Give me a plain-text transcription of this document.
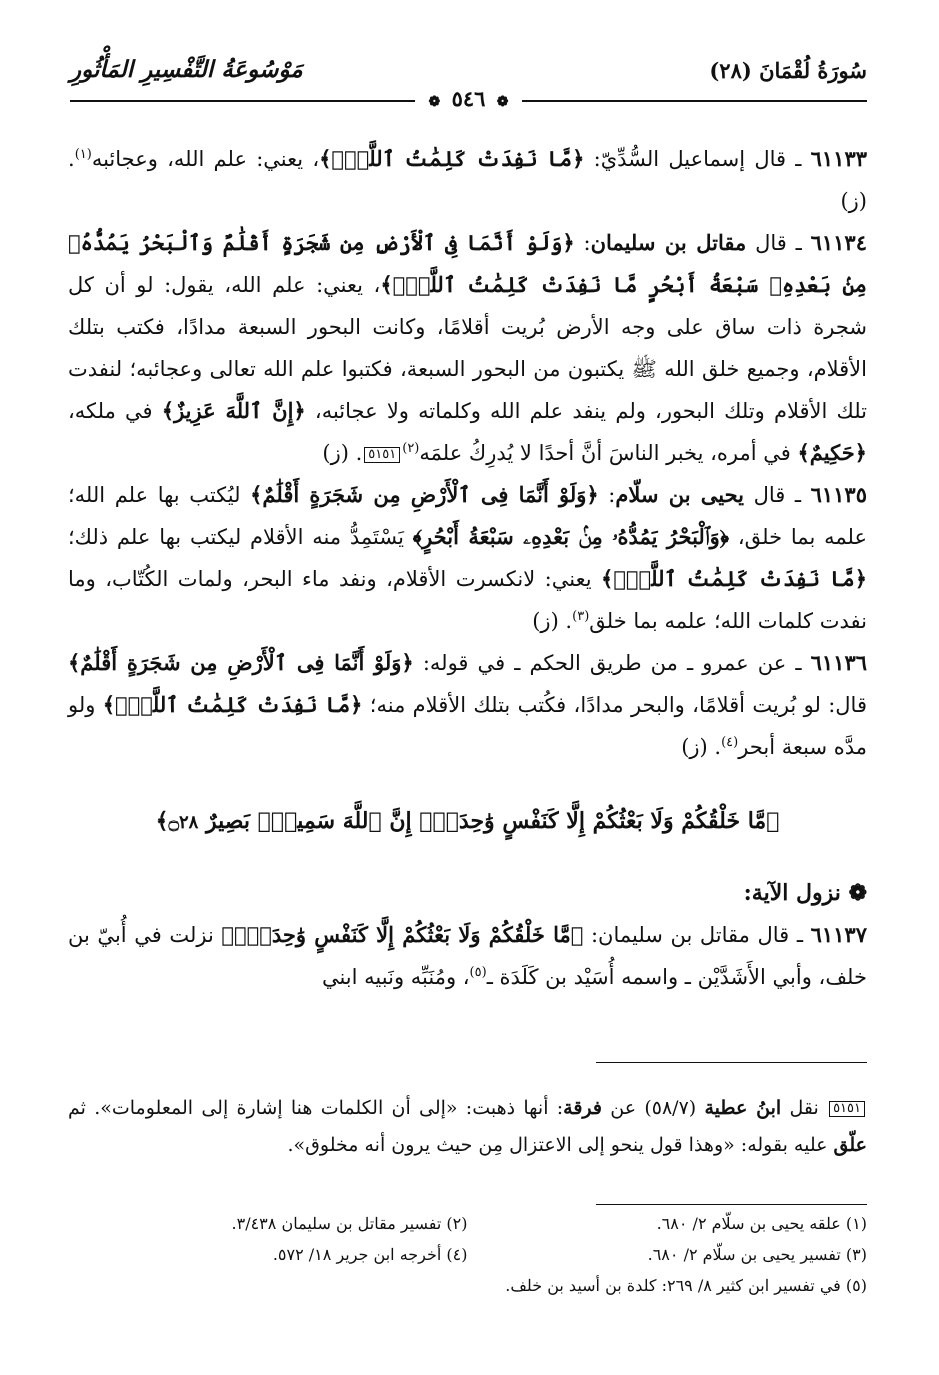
سُورَةُ لُقْمَانَ (٢٨)
مَوْسُوعَةُ التَّفْسِيرِ المَأْثُورِ
❁ ٥٤٦ ❁

٦١١٣٣ ـ قال إسماعيل السُّدِّيّ: ﴿مَّا نَفِدَتْ كَلِمَٰتُ ٱللَّهِۗ﴾، يعني: علم الله، وعجائبه$^{(١)}$. (ز)

٦١١٣٤ ـ قال مقاتل بن سليمان: ﴿وَلَوْ أَنَّمَا فِى ٱلْأَرْضِ مِن شَجَرَةٍ أَقْلَٰمٌ وَٱلْبَحْرُ يَمُدُّهُۥ مِنۢ بَعْدِهِۦ سَبْعَةُ أَبْحُرٍ مَّا نَفِدَتْ كَلِمَٰتُ ٱللَّهِۗ﴾، يعني: علم الله، يقول: لو أن كل شجرة ذات ساق على وجه الأرض بُريت أقلامًا، وكانت البحور السبعة مدادًا، فكتب بتلك الأقلام، وجميع خلق الله ﷺ يكتبون من البحور السبعة، فكتبوا علم الله تعالى وعجائبه؛ لنفدت تلك الأقلام وتلك البحور، ولم ينفد علم الله وكلماته ولا عجائبه، ﴿إِنَّ ٱللَّهَ عَزِيزٌ﴾ في ملكه، ﴿حَكِيمٌ﴾ في أمره، يخبر الناسَ أنَّ أحدًا لا يُدرِكُ علمَه$^{(٢)}$٥١٥١. (ز)

٦١١٣٥ ـ قال يحيى بن سلّام: ﴿وَلَوْ أَنَّمَا فِى ٱلْأَرْضِ مِن شَجَرَةٍ أَقْلَٰمٌ﴾ ليُكتب بها علم الله؛ علمه بما خلق، ﴿وَٱلْبَحْرُ يَمُدُّهُۥ مِنۢ بَعْدِهِۦ سَبْعَةُ أَبْحُرٍ﴾ يَسْتَمِدُّ منه الأقلام ليكتب بها علم ذلك؛ ﴿مَّا نَفِدَتْ كَلِمَٰتُ ٱللَّهِۗ﴾ يعني: لانكسرت الأقلام، ونفد ماء البحر، ولمات الكُتّاب، وما نفدت كلمات الله؛ علمه بما خلق$^{(٣)}$. (ز)

٦١١٣٦ ـ عن عمرو ـ من طريق الحكم ـ في قوله: ﴿وَلَوْ أَنَّمَا فِى ٱلْأَرْضِ مِن شَجَرَةٍ أَقْلَٰمٌ﴾ قال: لو بُريت أقلامًا، والبحر مدادًا، فكُتب بتلك الأقلام منه؛ ﴿مَّا نَفِدَتْ كَلِمَٰتُ ٱللَّهِۗ﴾ ولو مدَّه سبعة أبحر$^{(٤)}$. (ز)

﴿مَّا خَلْقُكُمْ وَلَا بَعْثُكُمْ إِلَّا كَنَفْسٍ وَٰحِدَةٍۗ إِنَّ ٱللَّهَ سَمِيعٌۢ بَصِيرٌ ۝٢٨﴾
❁ نزول الآية:

٦١١٣٧ ـ قال مقاتل بن سليمان: ﴿مَّا خَلْقُكُمْ وَلَا بَعْثُكُمْ إِلَّا كَنَفْسٍ وَٰحِدَةٍۗ﴾ نزلت في أُبيّ بن خلف، وأبي الأَشَدَّيْن ـ واسمه أُسَيْد بن كَلَدَة ـ$^{(٥)}$، ومُنَبِّه ونَبيه ابني

٥١٥١ نقل ابنُ عطية (٥٨/٧) عن فرقة: أنها ذهبت: «إلى أن الكلمات هنا إشارة إلى المعلومات». ثم علّق عليه بقوله: «وهذا قول ينحو إلى الاعتزال مِن حيث يرون أنه مخلوق».

(١) علقه يحيى بن سلّام ٢/ ٦٨٠.
(٢) تفسير مقاتل بن سليمان ٣/٤٣٨.
(٣) تفسير يحيى بن سلّام ٢/ ٦٨٠.
(٤) أخرجه ابن جرير ١٨/ ٥٧٢.
(٥) في تفسير ابن كثير ٨/ ٢٦٩: كلدة بن أسيد بن خلف.
